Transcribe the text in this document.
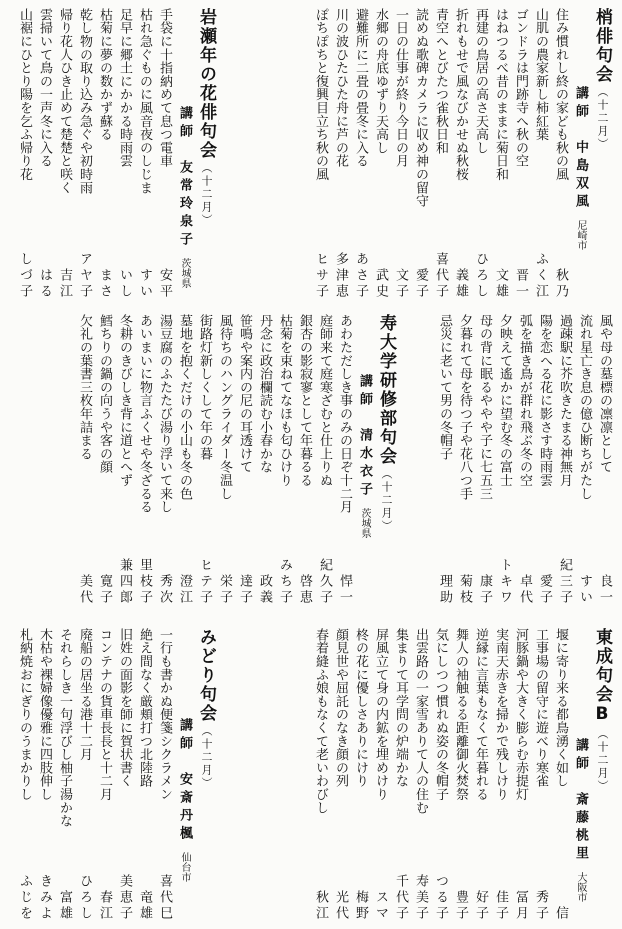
梢俳句会（十二月）
講師　中島双風尼崎市
住み慣れし終の家ども秋の風
秋乃
山肌の農家新し柿紅葉
ふく江
ゴンドラは門跡寺へ秋の空
晋一
はねつるべ昔のままに菊日和
文雄
再建の鳥居の高さ天高し
ひろし
折れもせで風なびかせぬ秋桜
義雄
青空へとびたつ雀秋日和
喜代子
読めぬ歌碑カメラに収め神の留守
愛子
一日の仕事が終り今日の月
文子
水郷の舟底ゆずり天高し
武史
避難所に二畳の畳冬に入る
あさ子
川の波ひたひた舟に芦の花
多津恵
ぽちぽちと復興目立ち秋の風
ヒサ子
岩瀬年の花俳句会（十二月）
講師　友常玲泉子茨城県
手袋に十指納めて息つ電車
安平
枯れ急ぐものに風音夜のしじま
すい
足早に郷土にかかる時雨雲
いし
枯菊に夢の数かず蘇る
まさ
乾し物の取り込み急ぐや初時雨
アヤ子
帰り花人ひき止めて楚楚と咲く
吉江
雲掃いて鳥の一声冬に入る
はる
山裾にひとり陽を乞ふ帰り花
しづ子
風や母の墓標の凛凛として
良一
流れ星亡き息の億ひ断ちがたし
すい
過疎駅に芥吹きたまる神無月
紀三子
陽を恋へる花に影さす時雨雲
愛子
弧を描き鳥が群れ飛ぶ冬の空
卓代
夕映えて遙かに望む冬の富士
トキワ
母の背に眠るややや子に七五三
康子
夕暮れて母を待つ子や花八つ手
菊枝
忌災に老いて男の冬帽子
理助
寿大学研修部句会（十二月）
講師　清水衣子茨城県
あわただしき事のみの日ぞ十二月
悍一
庭師来て庭寒ざむと仕上りぬ
紀久子
銀杏の影寂寥として年暮るる
啓恵
枯菊を束ねてなほも匂ひけり
みち子
丹念に政治欄読む小春かな
政義
笹鳴や案内の尼の耳透けて
達子
風待ちのハングライダー冬温し
栄子
街路灯新しくして年の暮
ヒテ子
墓地を抱くだけの小山も冬の色
澄江
湯豆腐のふたたび湯り浮いて来し
秀次
あいまいに物言ふくせや冬ざるる
里枝子
冬耕のきびしき背に道とへず
兼四郎
鱈ちりの鍋の向うや客の顔
寛子
欠礼の葉書三枚年詰まる
美代
東成句会B（十二月）
講師　斎藤桃里大阪市
堰に寄り来る都鳥湧く如し
信
工事場の留守に遊べり寒雀
秀子
河豚鍋や大きく膨らむ赤提灯
冨月
実南天赤きを掃かで残しけり
佳子
逆縁に言葉もなくて年暮れる
好子
舞人の袖触るる距離御火焚祭
豊子
気にしつつ慣れぬ姿の冬帽子
つる子
出雲路の一家雪ありて人の住む
寿美子
集まりて耳学問の炉端かな
千代子
屏風立て身の内鉱を埋めけり
スマ
柊の花に優しさありにけり
梅野
顔見世や屈託のなき顔の列
光代
春着縫ふ娘もなくて老いわびし
秋江
みどり句会（十二月）
講師　安斎丹楓仙台市
一行も書かぬ便箋シクラメン
喜代巳
絶え間なく厳頬打つ北陸路
竜雄
旧姓の面影を師に賀状書く
美恵子
コンテナの貨車長長と十二月
春江
廃船の居坐る港十二月
ひろし
それらしき一句浮びし柚子湯かな
富雄
木枯や裸婦像優雅に四肢伸し
きみよ
札納焼おにぎりのうまかりし
ふじを
